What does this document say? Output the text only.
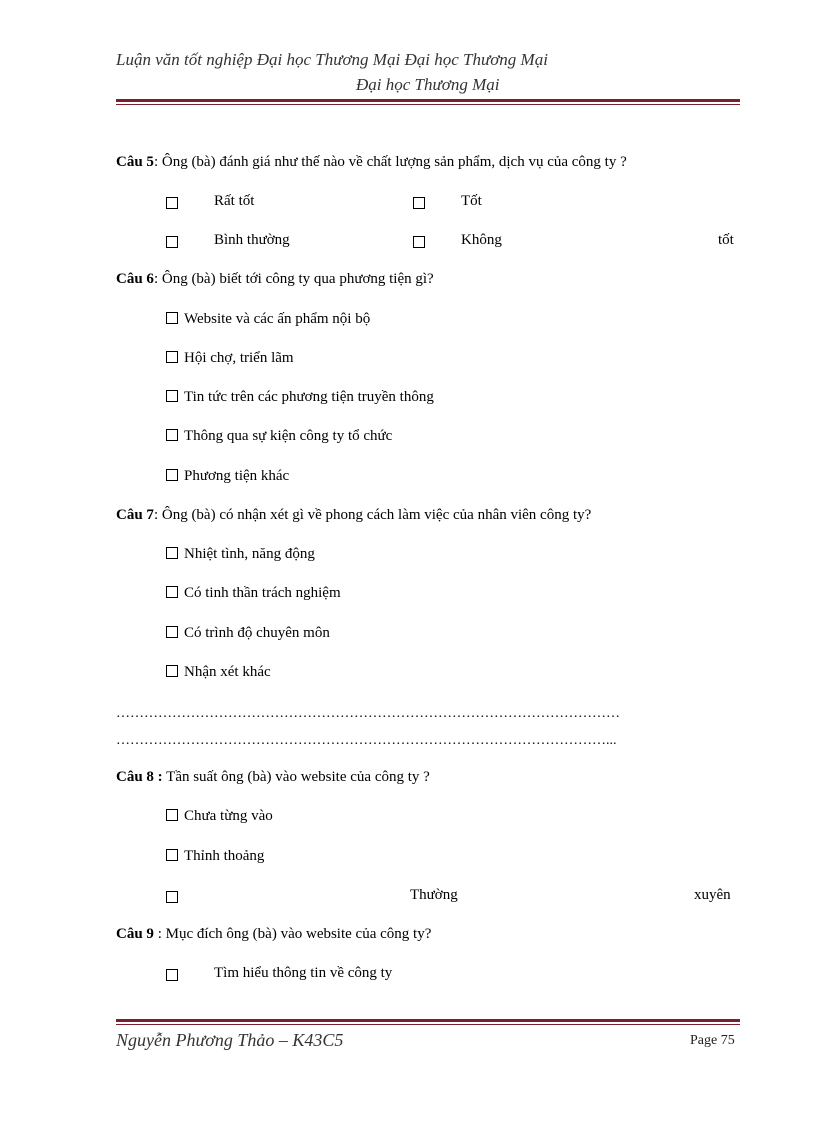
Luận văn tốt nghiệp Đại học Thương Mại Đại học Thương Mại
Đại học Thương Mại
Câu 5: Ông (bà) đánh giá như thế nào về chất lượng sản phẩm, dịch vụ của công ty ?
Rất tốt	Tốt
Bình thường	Không	tốt
Câu 6: Ông (bà) biết tới công ty qua phương tiện gì?
Website và các ấn phẩm nội bộ
Hội chợ, triển lãm
Tin tức trên các phương tiện truyền thông
Thông qua sự kiện công ty tổ chức
Phương tiện khác
Câu 7: Ông (bà) có nhận xét gì về phong cách làm việc của nhân viên công ty?
Nhiệt tình, năng động
Có tinh thần trách nghiệm
Có trình độ chuyên môn
Nhận xét khác
………………………………………………………………………………………………
……………………………………………………………………………………………...
Câu 8 : Tần suất ông (bà) vào website của công ty ?
Chưa từng vào
Thỉnh thoảng
Thường	xuyên
Câu 9 : Mục đích ông (bà) vào website của công ty?
Tìm hiểu thông tin về công ty
Nguyễn Phương Thảo – K43C5	Page 75
